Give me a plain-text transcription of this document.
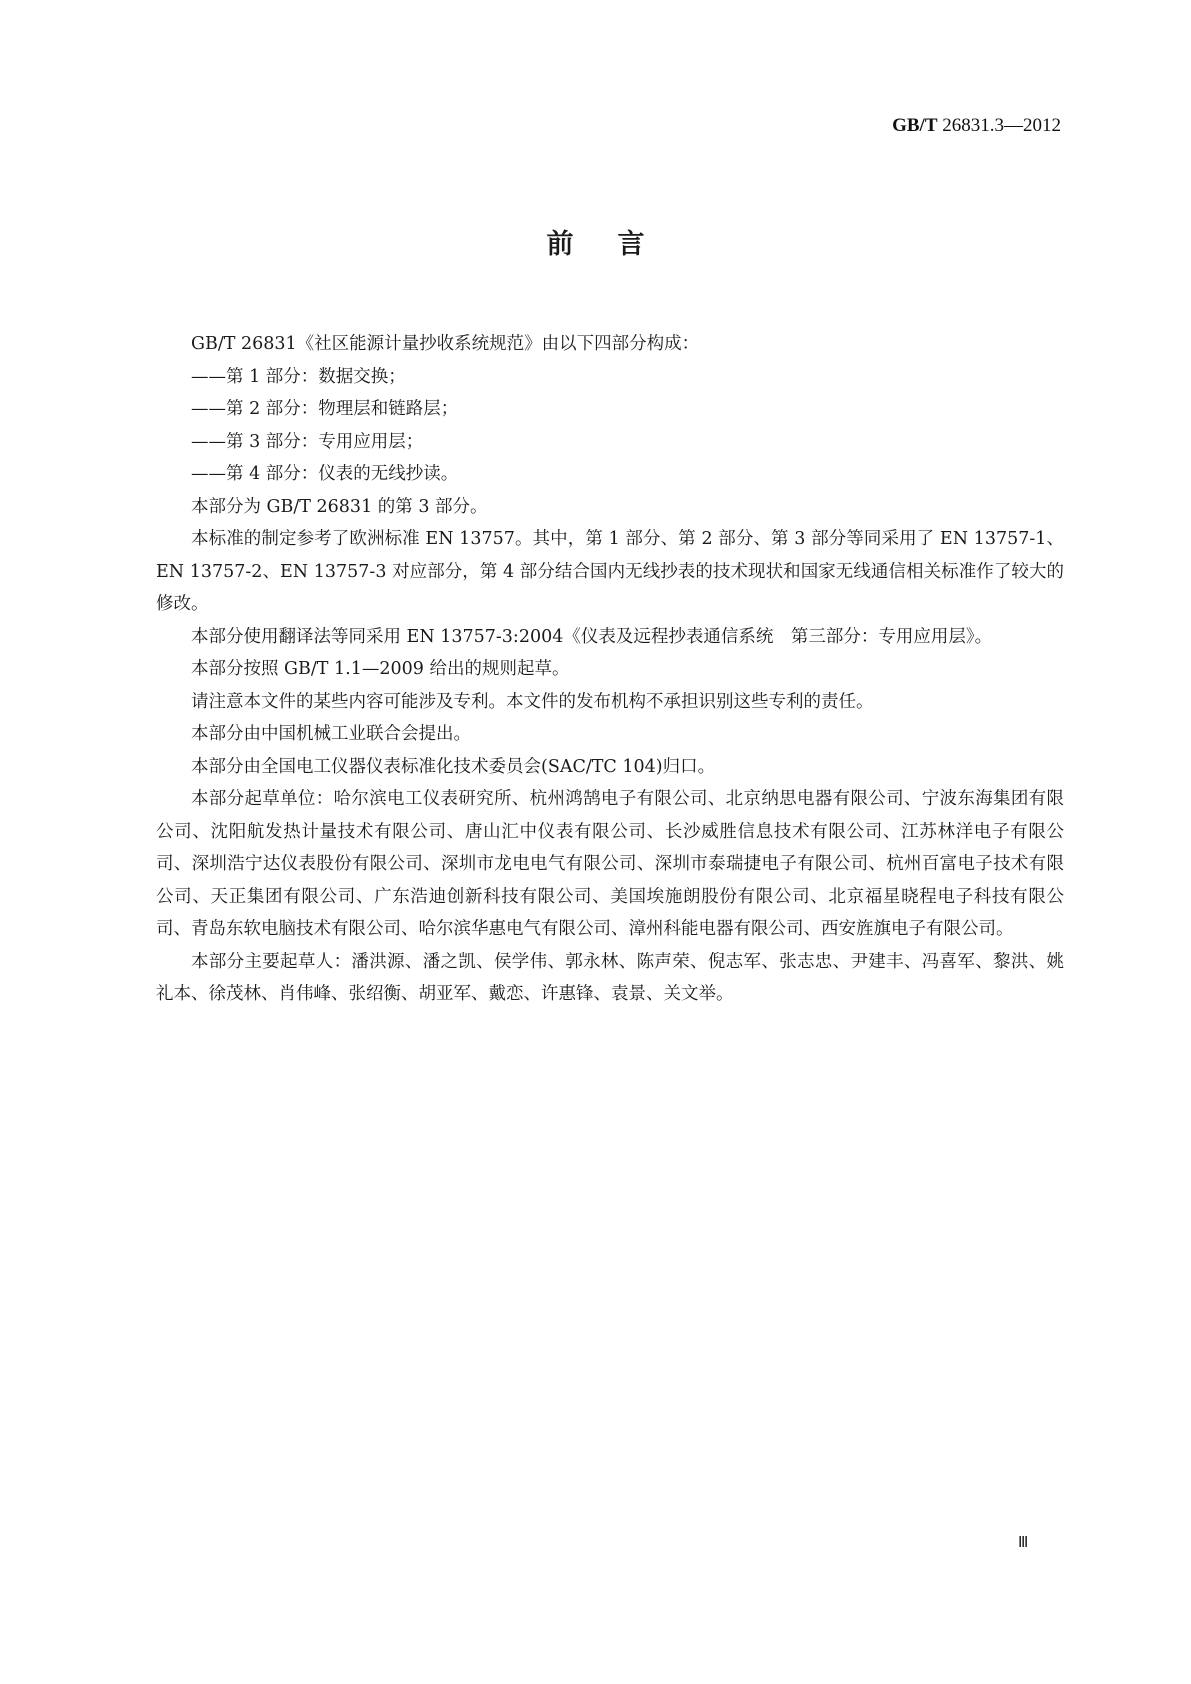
GB/T 26831.3—2012
前言

GB/T 26831《社区能源计量抄收系统规范》由以下四部分构成：

——第 1 部分：数据交换；

——第 2 部分：物理层和链路层；

——第 3 部分：专用应用层；

——第 4 部分：仪表的无线抄读。

本部分为 GB/T 26831 的第 3 部分。

本标准的制定参考了欧洲标准 EN 13757。其中，第 1 部分、第 2 部分、第 3 部分等同采用了 EN 13757-1、EN 13757-2、EN 13757-3 对应部分，第 4 部分结合国内无线抄表的技术现状和国家无线通信相关标准作了较大的修改。

本部分使用翻译法等同采用 EN 13757-3:2004《仪表及远程抄表通信系统　第三部分：专用应用层》。

本部分按照 GB/T 1.1—2009 给出的规则起草。

请注意本文件的某些内容可能涉及专利。本文件的发布机构不承担识别这些专利的责任。

本部分由中国机械工业联合会提出。

本部分由全国电工仪器仪表标准化技术委员会(SAC/TC 104)归口。

本部分起草单位：哈尔滨电工仪表研究所、杭州鸿鹄电子有限公司、北京纳思电器有限公司、宁波东海集团有限公司、沈阳航发热计量技术有限公司、唐山汇中仪表有限公司、长沙威胜信息技术有限公司、江苏林洋电子有限公司、深圳浩宁达仪表股份有限公司、深圳市龙电电气有限公司、深圳市泰瑞捷电子有限公司、杭州百富电子技术有限公司、天正集团有限公司、广东浩迪创新科技有限公司、美国埃施朗股份有限公司、北京福星晓程电子科技有限公司、青岛东软电脑技术有限公司、哈尔滨华惠电气有限公司、漳州科能电器有限公司、西安旌旗电子有限公司。

本部分主要起草人：潘洪源、潘之凯、侯学伟、郭永林、陈声荣、倪志军、张志忠、尹建丰、冯喜军、黎洪、姚礼本、徐茂林、肖伟峰、张绍衡、胡亚军、戴恋、许惠锋、袁景、关文举。

Ⅲ
